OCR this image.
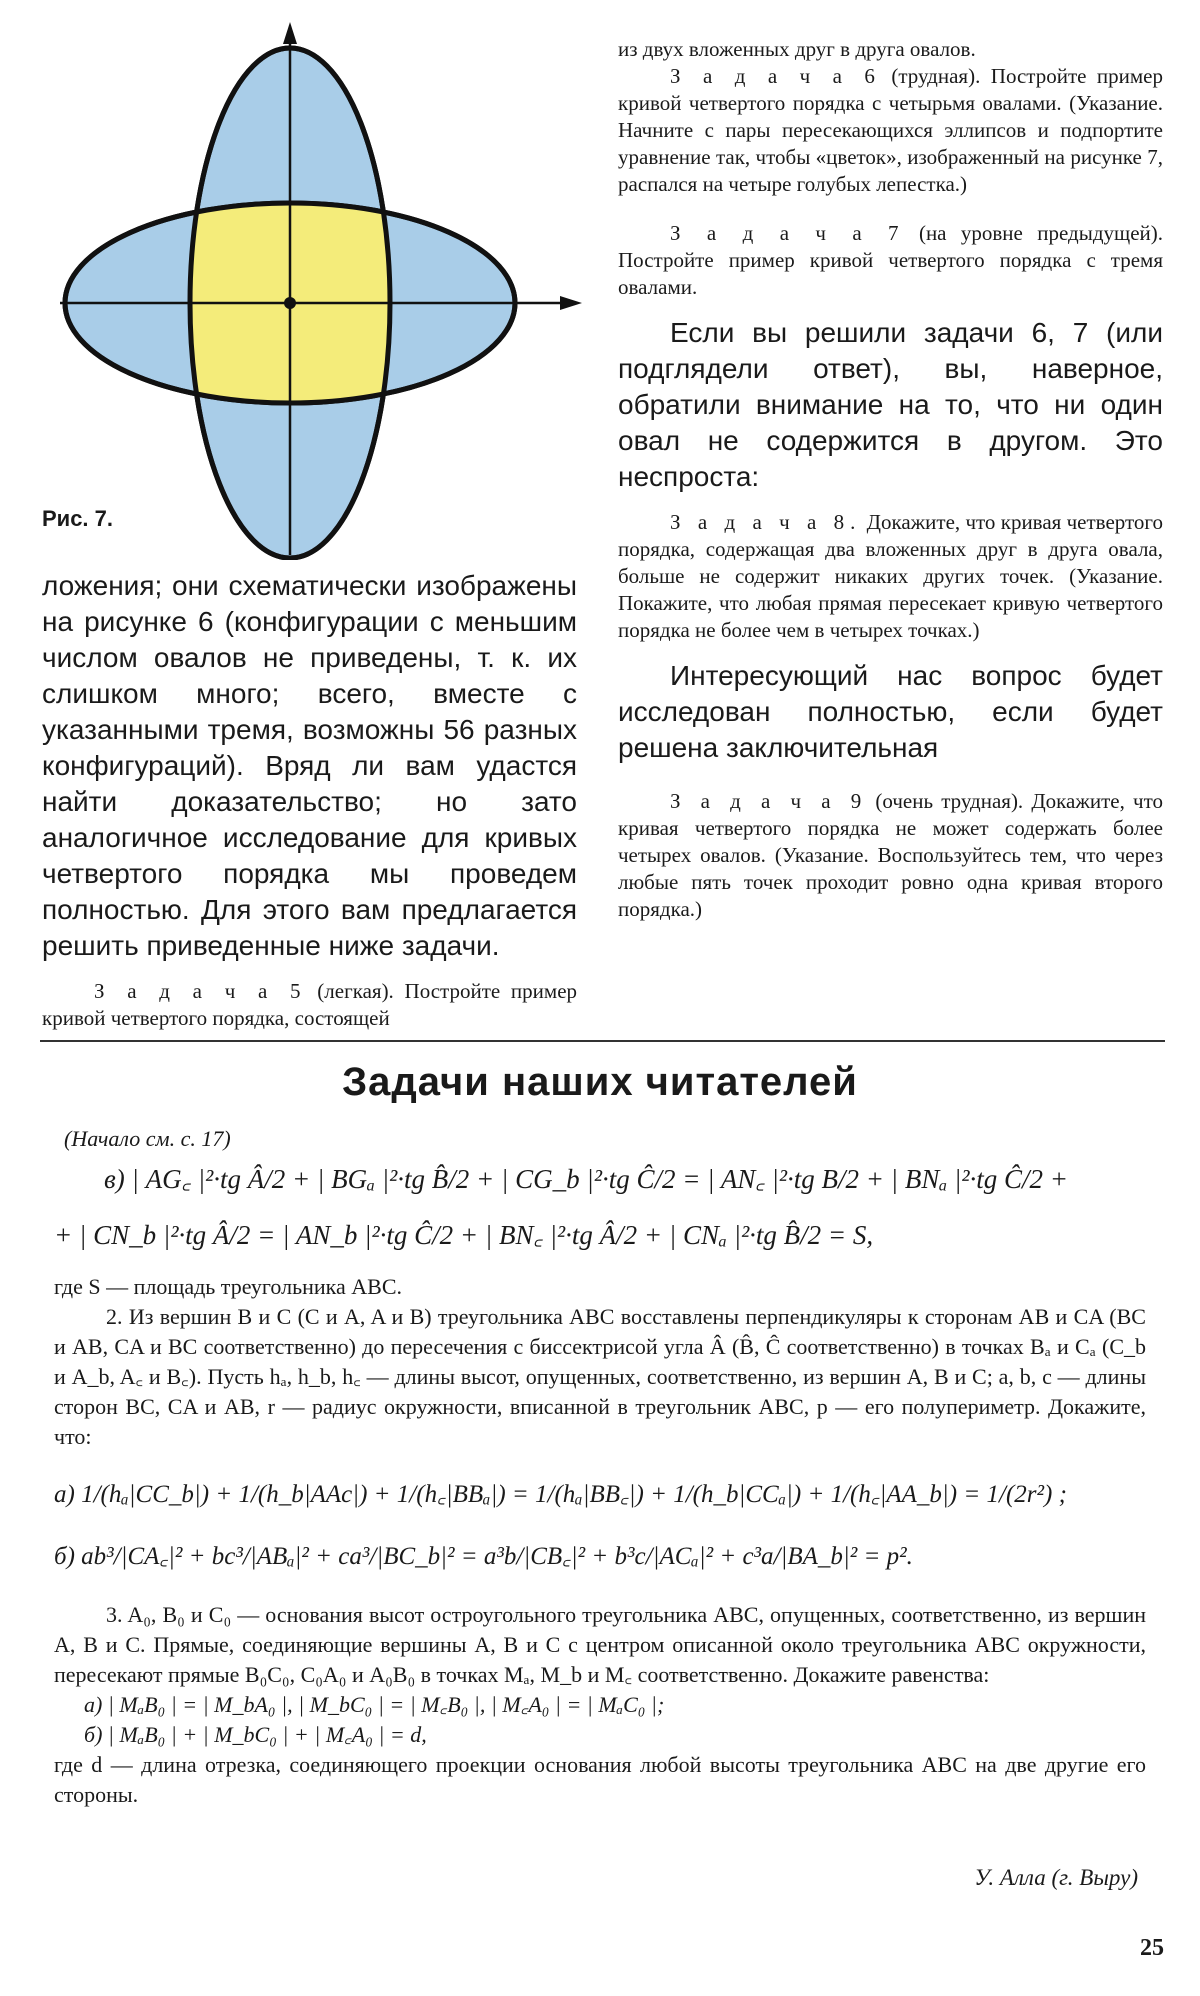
Рис. 7.

из двух вложенных друг в друга овалов.

З а д а ч а 6 (трудная). Постройте пример кривой четвертого порядка с четырьмя овалами. (Указание. Начните с пары пересекающихся эллипсов и подпортите уравнение так, чтобы «цветок», изображенный на рисунке 7, распался на четыре голубых лепестка.)

З а д а ч а 7 (на уровне предыдущей). Постройте пример кривой четвертого порядка с тремя овалами.

Если вы решили задачи 6, 7 (или подглядели ответ), вы, наверное, обратили внимание на то, что ни один овал не содержится в другом. Это неспроста:

З а д а ч а 8. Докажите, что кривая четвертого порядка, содержащая два вложенных друг в друга овала, больше не содержит никаких других точек. (Указание. Покажите, что любая прямая пересекает кривую четвертого порядка не более чем в четырех точках.)

Интересующий нас вопрос будет исследован полностью, если будет решена заключительная

З а д а ч а 9 (очень трудная). Докажите, что кривая четвертого порядка не может содержать более четырех овалов. (Указание. Воспользуйтесь тем, что через любые пять точек проходит ровно одна кривая второго порядка.)

ложения; они схематически изображены на рисунке 6 (конфигурации с меньшим числом овалов не приведены, т. к. их слишком много; всего, вместе с указанными тремя, возможны 56 разных конфигураций). Вряд ли вам удастся найти доказательство; но зато аналогичное исследование для кривых четвертого порядка мы проведем полностью. Для этого вам предлагается решить приведенные ниже задачи.

З а д а ч а 5 (легкая). Постройте пример кривой четвертого порядка, состоящей

Задачи наших читателей
(Начало см. с. 17)
в) | AG꜀ |²·tg Â/2 + | BGₐ |²·tg B̂/2 + | CG_b |²·tg Ĉ/2 = | AN꜀ |²·tg B/2 + | BNₐ |²·tg Ĉ/2 +
+ | CN_b |²·tg Â/2 = | AN_b |²·tg Ĉ/2 + | BN꜀ |²·tg Â/2 + | CNₐ |²·tg B̂/2 = S,
где S — площадь треугольника ABC.
2. Из вершин B и C (C и A, A и B) треугольника ABC восставлены перпендикуляры к сторонам AB и CA (BC и AB, CA и BC соответственно) до пересечения с биссектрисой угла Â (B̂, Ĉ соответственно) в точках Bₐ и Cₐ (C_b и A_b, A꜀ и B꜀). Пусть hₐ, h_b, h꜀ — длины высот, опущенных, соответственно, из вершин A, B и C; a, b, c — длины сторон BC, CA и AB, r — радиус окружности, вписанной в треугольник ABC, p — его полупериметр. Докажите, что:
а) 1/(hₐ|CC_b|) + 1/(h_b|AAc|) + 1/(h꜀|BBₐ|) = 1/(hₐ|BB꜀|) + 1/(h_b|CCₐ|) + 1/(h꜀|AA_b|) = 1/(2r²) ;
б) ab³/|CA꜀|² + bc³/|ABₐ|² + ca³/|BC_b|² = a³b/|CB꜀|² + b³c/|ACₐ|² + c³a/|BA_b|² = p².
3. A₀, B₀ и C₀ — основания высот остроугольного треугольника ABC, опущенных, соответственно, из вершин A, B и C. Прямые, соединяющие вершины A, B и C с центром описанной около треугольника ABC окружности, пересекают прямые B₀C₀, C₀A₀ и A₀B₀ в точках Mₐ, M_b и M꜀ соответственно. Докажите равенства:
а) | MₐB₀ | = | M_bA₀ |, | M_bC₀ | = | M꜀B₀ |, | M꜀A₀ | = | MₐC₀ |;
б) | MₐB₀ | + | M_bC₀ | + | M꜀A₀ | = d,
где d — длина отрезка, соединяющего проекции основания любой высоты треугольника ABC на две другие его стороны.
У. Алла (г. Выру)
25
